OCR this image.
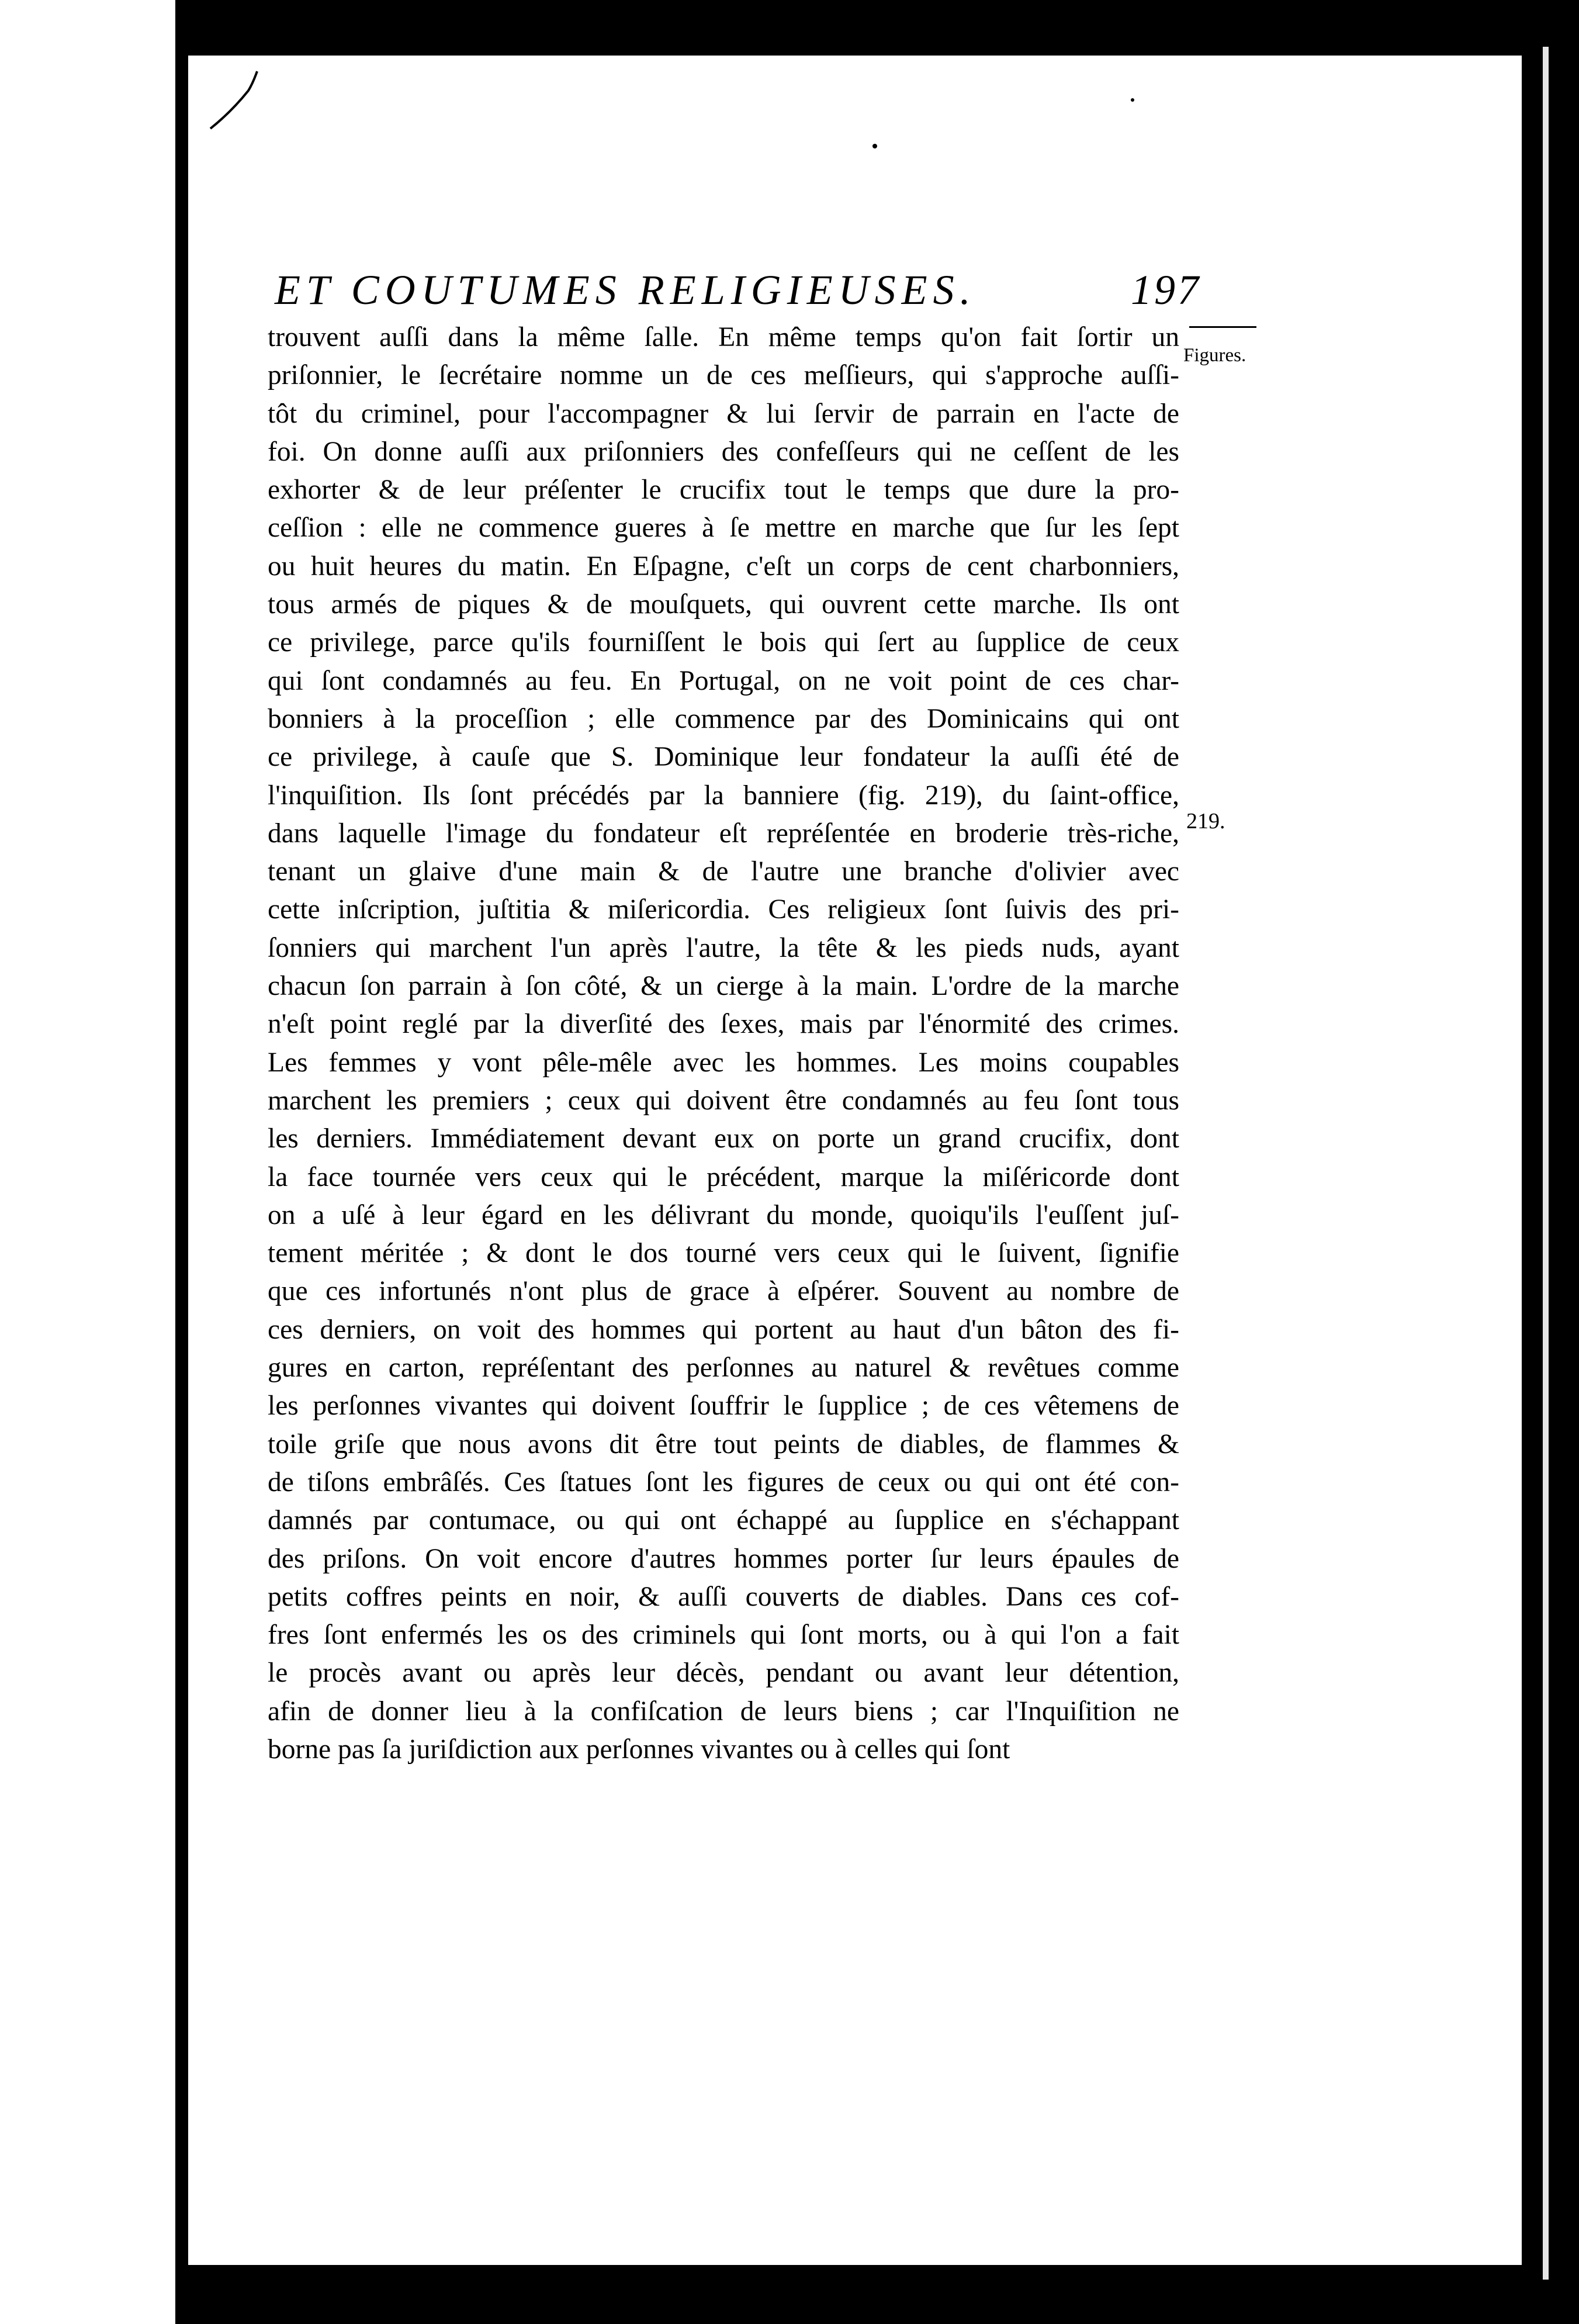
ET COUTUMES RELIGIEUSES.	197
Figures.
219.
trouvent auſſi dans la même ſalle. En même temps qu'on fait ſortir un
priſonnier, le ſecrétaire nomme un de ces meſſieurs, qui s'approche auſſi-
tôt du criminel, pour l'accompagner & lui ſervir de parrain en l'acte de
foi. On donne auſſi aux priſonniers des confeſſeurs qui ne ceſſent de les
exhorter & de leur préſenter le crucifix tout le temps que dure la pro-
ceſſion : elle ne commence gueres à ſe mettre en marche que ſur les ſept
ou huit heures du matin. En Eſpagne, c'eſt un corps de cent charbonniers,
tous armés de piques & de mouſquets, qui ouvrent cette marche. Ils ont
ce privilege, parce qu'ils fourniſſent le bois qui ſert au ſupplice de ceux
qui ſont condamnés au feu. En Portugal, on ne voit point de ces char-
bonniers à la proceſſion ; elle commence par des Dominicains qui ont
ce privilege, à cauſe que S. Dominique leur fondateur la auſſi été de
l'inquiſition. Ils ſont précédés par la banniere (fig. 219), du ſaint-office,
dans laquelle l'image du fondateur eſt repréſentée en broderie très-riche,
tenant un glaive d'une main & de l'autre une branche d'olivier avec
cette inſcription, juſtitia & miſericordia. Ces religieux ſont ſuivis des pri-
ſonniers qui marchent l'un après l'autre, la tête & les pieds nuds, ayant
chacun ſon parrain à ſon côté, & un cierge à la main. L'ordre de la marche
n'eſt point reglé par la diverſité des ſexes, mais par l'énormité des crimes.
Les femmes y vont pêle-mêle avec les hommes. Les moins coupables
marchent les premiers ; ceux qui doivent être condamnés au feu ſont tous
les derniers. Immédiatement devant eux on porte un grand crucifix, dont
la face tournée vers ceux qui le précédent, marque la miſéricorde dont
on a uſé à leur égard en les délivrant du monde, quoiqu'ils l'euſſent juſ-
tement méritée ; & dont le dos tourné vers ceux qui le ſuivent, ſignifie
que ces infortunés n'ont plus de grace à eſpérer. Souvent au nombre de
ces derniers, on voit des hommes qui portent au haut d'un bâton des fi-
gures en carton, repréſentant des perſonnes au naturel & revêtues comme
les perſonnes vivantes qui doivent ſouffrir le ſupplice ; de ces vêtemens de
toile griſe que nous avons dit être tout peints de diables, de flammes &
de tiſons embrâſés. Ces ſtatues ſont les figures de ceux ou qui ont été con-
damnés par contumace, ou qui ont échappé au ſupplice en s'échappant
des priſons. On voit encore d'autres hommes porter ſur leurs épaules de
petits coffres peints en noir, & auſſi couverts de diables. Dans ces cof-
fres ſont enfermés les os des criminels qui ſont morts, ou à qui l'on a fait
le procès avant ou après leur décès, pendant ou avant leur détention,
afin de donner lieu à la confiſcation de leurs biens ; car l'Inquiſition ne
borne pas ſa juriſdiction aux perſonnes vivantes ou à celles qui ſont
